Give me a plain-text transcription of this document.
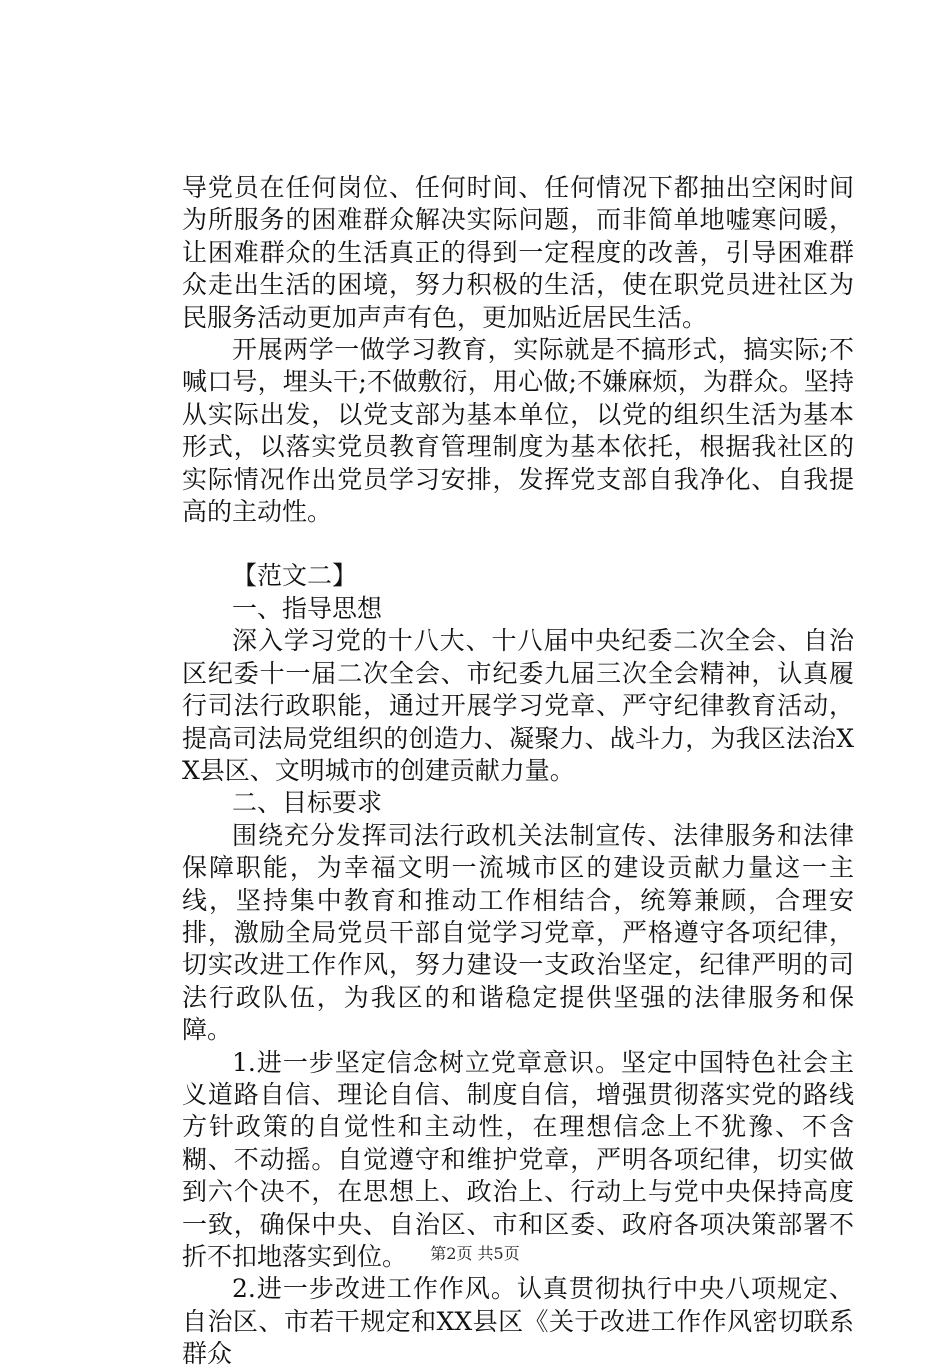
导党员在任何岗位、任何时间、任何情况下都抽出空闲时间为所服务的困难群众解决实际问题，而非简单地嘘寒问暖，让困难群众的生活真正的得到一定程度的改善，引导困难群众走出生活的困境，努力积极的生活，使在职党员进社区为民服务活动更加声声有色，更加贴近居民生活。

开展两学一做学习教育，实际就是不搞形式，搞实际;不喊口号，埋头干;不做敷衍，用心做;不嫌麻烦，为群众。坚持从实际出发，以党支部为基本单位，以党的组织生活为基本形式，以落实党员教育管理制度为基本依托，根据我社区的实际情况作出党员学习安排，发挥党支部自我净化、自我提高的主动性。

【范文二】

一、指导思想

深入学习党的十八大、十八届中央纪委二次全会、自治区纪委十一届二次全会、市纪委九届三次全会精神，认真履行司法行政职能，通过开展学习党章、严守纪律教育活动，提高司法局党组织的创造力、凝聚力、战斗力，为我区法治XX县区、文明城市的创建贡献力量。

二、目标要求

围绕充分发挥司法行政机关法制宣传、法律服务和法律保障职能，为幸福文明一流城市区的建设贡献力量这一主线，坚持集中教育和推动工作相结合，统筹兼顾，合理安排，激励全局党员干部自觉学习党章，严格遵守各项纪律，切实改进工作作风，努力建设一支政治坚定，纪律严明的司法行政队伍，为我区的和谐稳定提供坚强的法律服务和保障。

1.进一步坚定信念树立党章意识。坚定中国特色社会主义道路自信、理论自信、制度自信，增强贯彻落实党的路线方针政策的自觉性和主动性，在理想信念上不犹豫、不含糊、不动摇。自觉遵守和维护党章，严明各项纪律，切实做到六个决不，在思想上、政治上、行动上与党中央保持高度一致，确保中央、自治区、市和区委、政府各项决策部署不折不扣地落实到位。

2.进一步改进工作作风。认真贯彻执行中央八项规定、自治区、市若干规定和XX县区《关于改进工作作风密切联系群众

第2页 共5页
